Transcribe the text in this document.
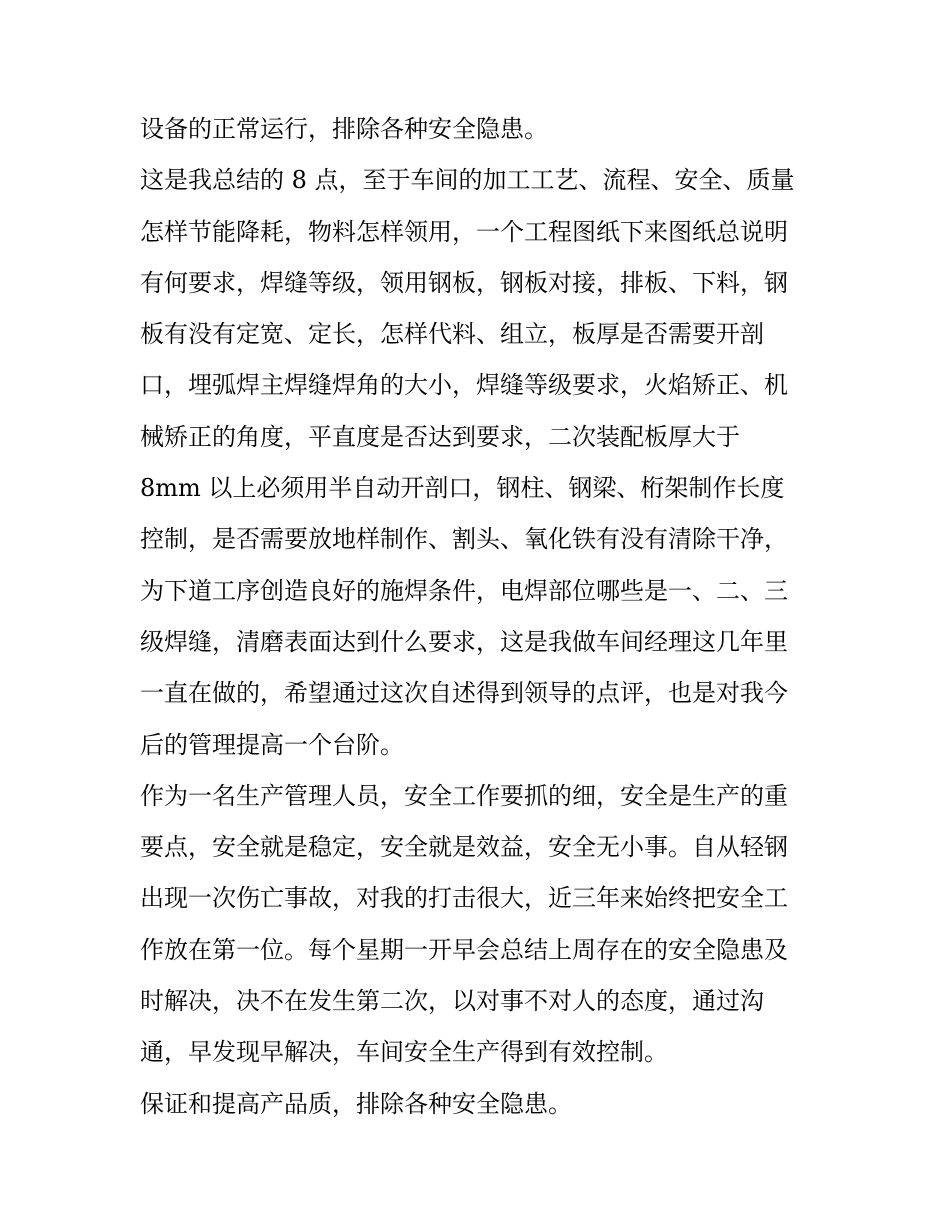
设备的正常运行，排除各种安全隐患。

这是我总结的 8 点，至于车间的加工工艺、流程、安全、质量

怎样节能降耗，物料怎样领用，一个工程图纸下来图纸总说明

有何要求，焊缝等级，领用钢板，钢板对接，排板、下料，钢

板有没有定宽、定长，怎样代料、组立，板厚是否需要开剖

口，埋弧焊主焊缝焊角的大小，焊缝等级要求，火焰矫正、机

械矫正的角度，平直度是否达到要求，二次装配板厚大于

8mm 以上必须用半自动开剖口，钢柱、钢梁、桁架制作长度

控制，是否需要放地样制作、割头、氧化铁有没有清除干净，

为下道工序创造良好的施焊条件，电焊部位哪些是一、二、三

级焊缝，清磨表面达到什么要求，这是我做车间经理这几年里

一直在做的，希望通过这次自述得到领导的点评，也是对我今

后的管理提高一个台阶。

作为一名生产管理人员，安全工作要抓的细，安全是生产的重

要点，安全就是稳定，安全就是效益，安全无小事。自从轻钢

出现一次伤亡事故，对我的打击很大，近三年来始终把安全工

作放在第一位。每个星期一开早会总结上周存在的安全隐患及

时解决，决不在发生第二次，以对事不对人的态度，通过沟

通，早发现早解决，车间安全生产得到有效控制。

保证和提高产品质，排除各种安全隐患。
